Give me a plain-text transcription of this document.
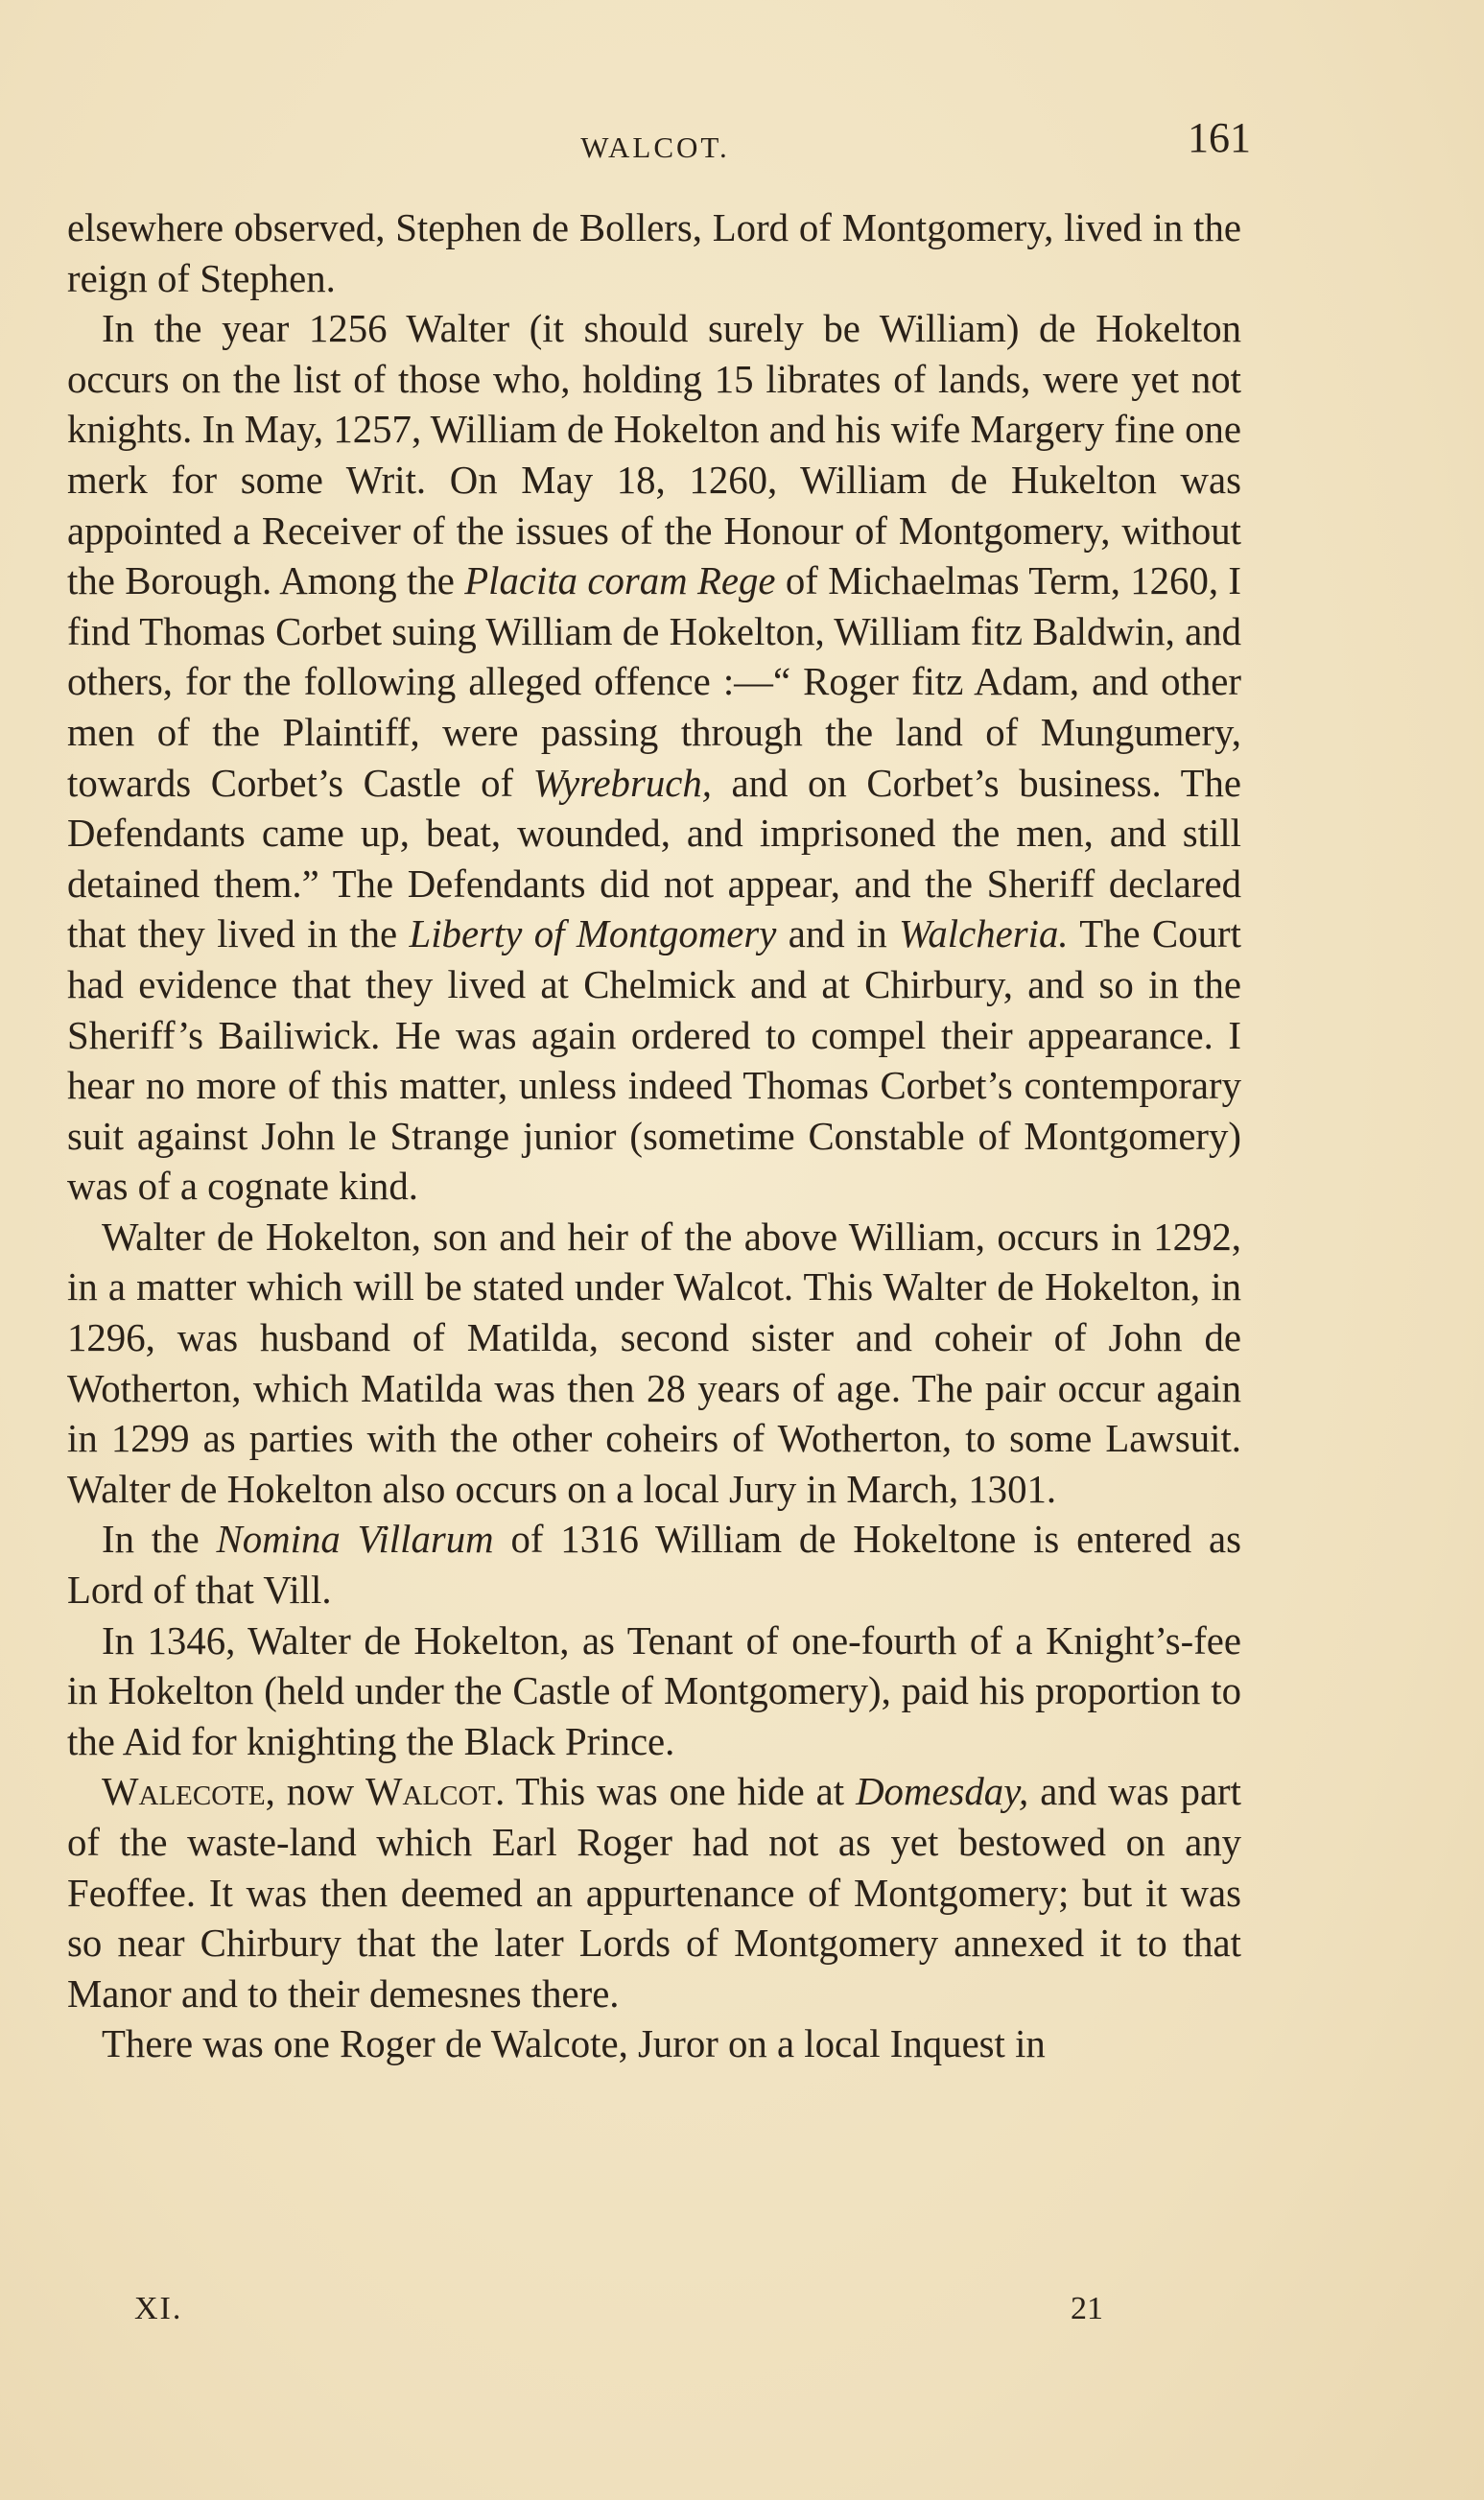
WALCOT.	161

elsewhere observed, Stephen de Bollers, Lord of Montgomery, lived in the reign of Stephen.

In the year 1256 Walter (it should surely be William) de Hokelton occurs on the list of those who, holding 15 librates of lands, were yet not knights. In May, 1257, William de Hokelton and his wife Margery fine one merk for some Writ. On May 18, 1260, William de Hukelton was appointed a Receiver of the issues of the Honour of Montgomery, without the Borough. Among the Placita coram Rege of Michaelmas Term, 1260, I find Thomas Corbet suing William de Hokelton, William fitz Baldwin, and others, for the following alleged offence :—“ Roger fitz Adam, and other men of the Plaintiff, were passing through the land of Mungumery, towards Corbet’s Castle of Wyrebruch, and on Corbet’s business. The Defendants came up, beat, wounded, and imprisoned the men, and still detained them.” The Defendants did not appear, and the Sheriff declared that they lived in the Liberty of Montgomery and in Walcheria. The Court had evidence that they lived at Chelmick and at Chirbury, and so in the Sheriff’s Bailiwick. He was again ordered to compel their appearance. I hear no more of this matter, unless indeed Thomas Corbet’s contemporary suit against John le Strange junior (sometime Constable of Montgomery) was of a cognate kind.

Walter de Hokelton, son and heir of the above William, occurs in 1292, in a matter which will be stated under Walcot. This Walter de Hokelton, in 1296, was husband of Matilda, second sister and coheir of John de Wotherton, which Matilda was then 28 years of age. The pair occur again in 1299 as parties with the other coheirs of Wotherton, to some Lawsuit. Walter de Hokelton also occurs on a local Jury in March, 1301.

In the Nomina Villarum of 1316 William de Hokeltone is entered as Lord of that Vill.

In 1346, Walter de Hokelton, as Tenant of one-fourth of a Knight’s-fee in Hokelton (held under the Castle of Montgomery), paid his proportion to the Aid for knighting the Black Prince.

Walecote, now Walcot. This was one hide at Domesday, and was part of the waste-land which Earl Roger had not as yet bestowed on any Feoffee. It was then deemed an appurtenance of Montgomery; but it was so near Chirbury that the later Lords of Montgomery annexed it to that Manor and to their demesnes there.

There was one Roger de Walcote, Juror on a local Inquest in

XI.	21
